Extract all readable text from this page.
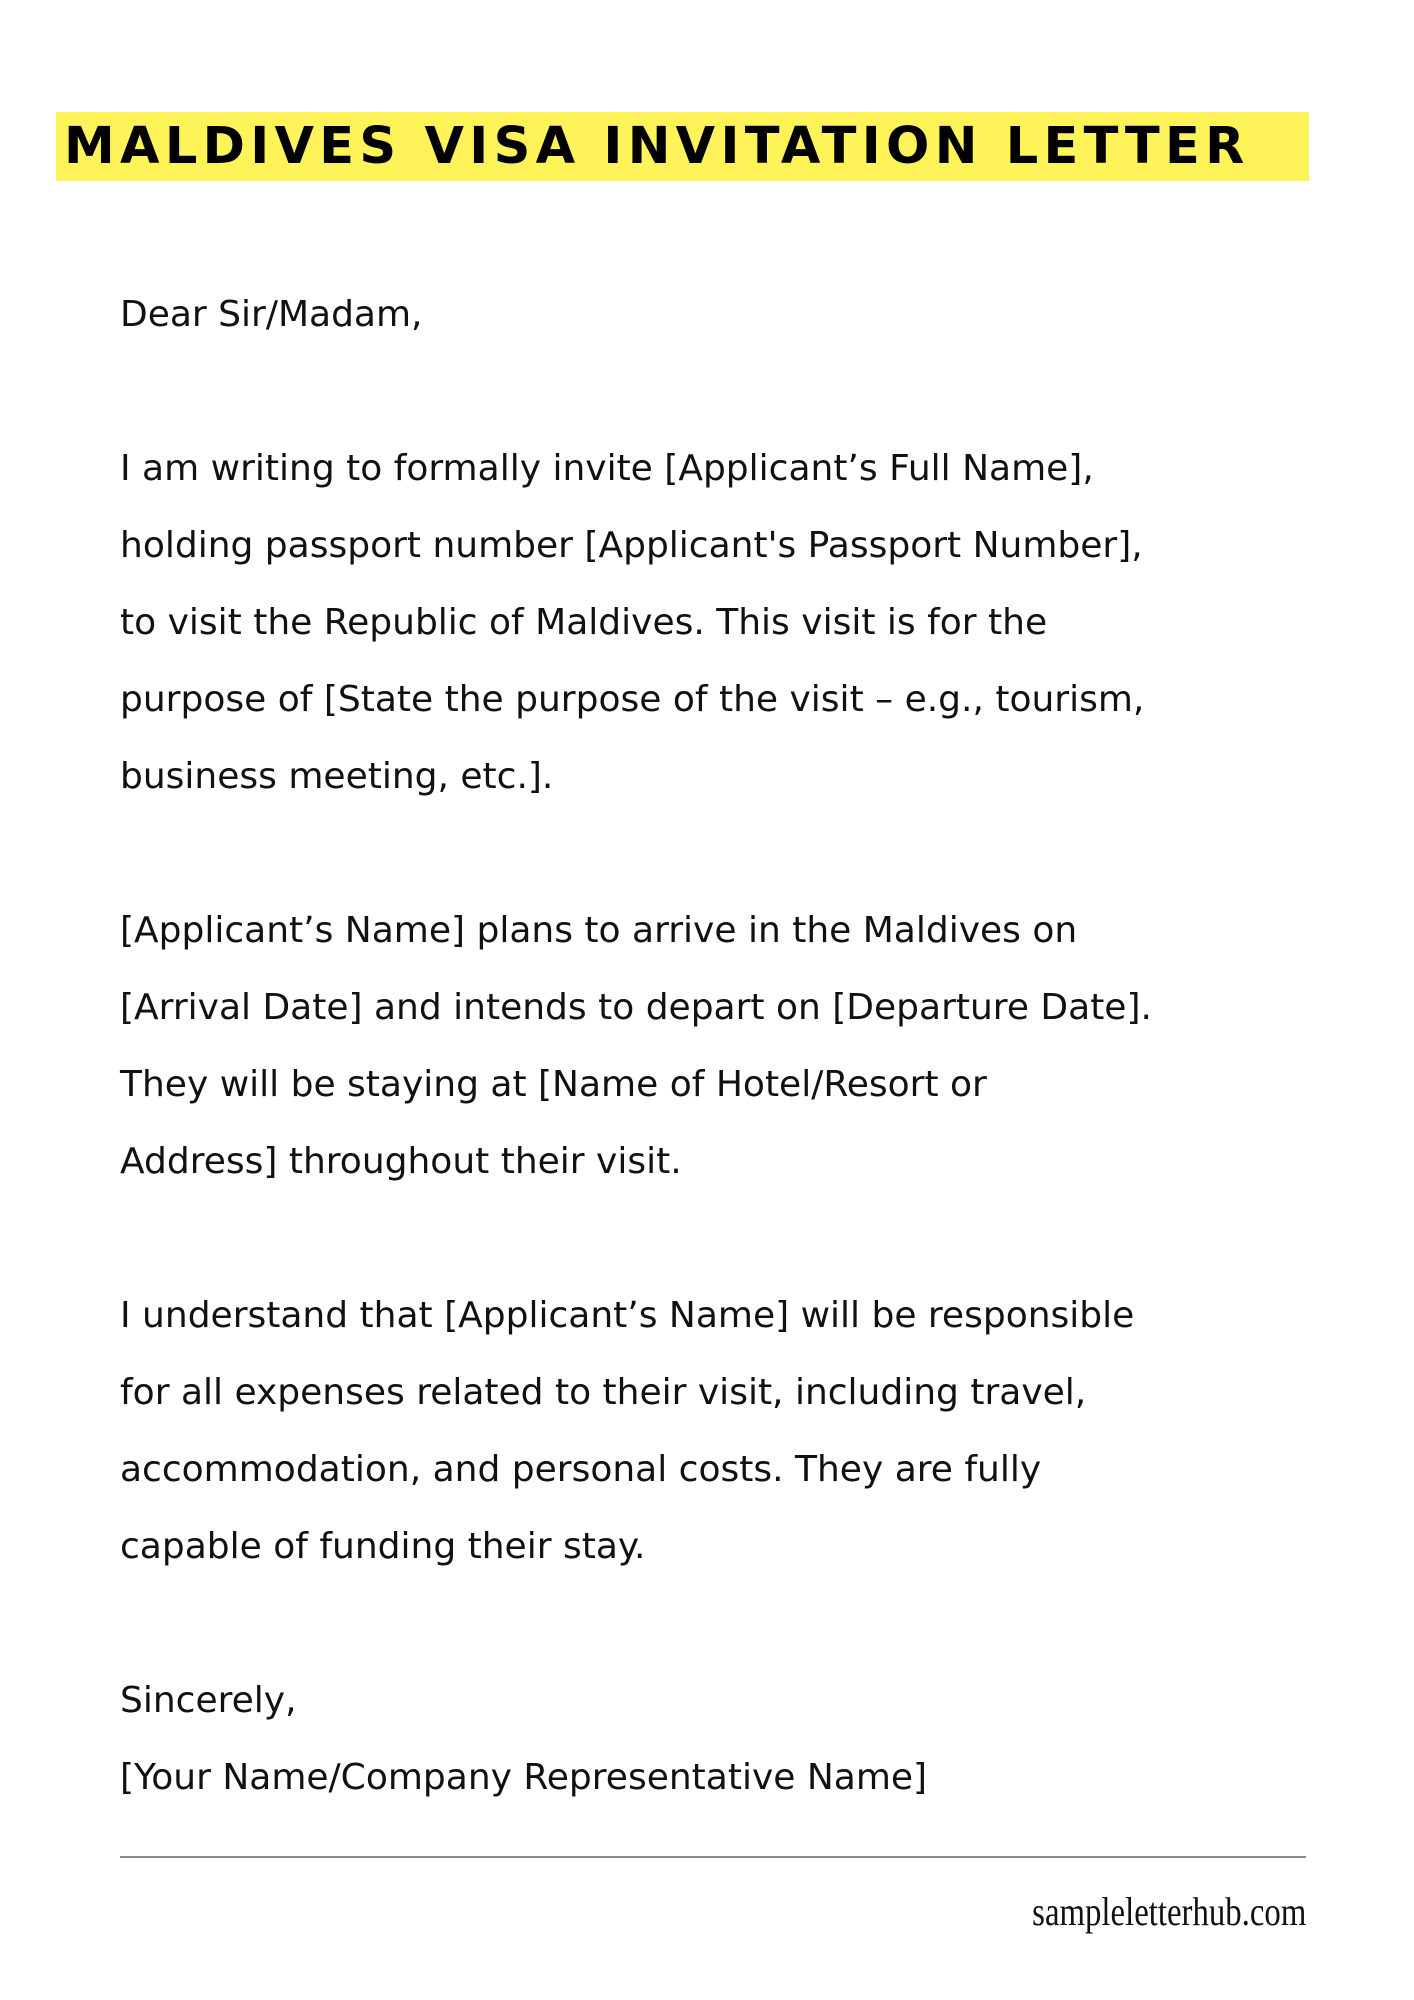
MALDIVES VISA INVITATION LETTER
Dear Sir/Madam,
I am writing to formally invite [Applicant’s Full Name],
holding passport number [Applicant's Passport Number],
to visit the Republic of Maldives. This visit is for the
purpose of [State the purpose of the visit – e.g., tourism,
business meeting, etc.].
[Applicant’s Name] plans to arrive in the Maldives on
[Arrival Date] and intends to depart on [Departure Date].
They will be staying at [Name of Hotel/Resort or
Address] throughout their visit.
I understand that [Applicant’s Name] will be responsible
for all expenses related to their visit, including travel,
accommodation, and personal costs. They are fully
capable of funding their stay.
Sincerely,
[Your Name/Company Representative Name]
sampleletterhub.com
